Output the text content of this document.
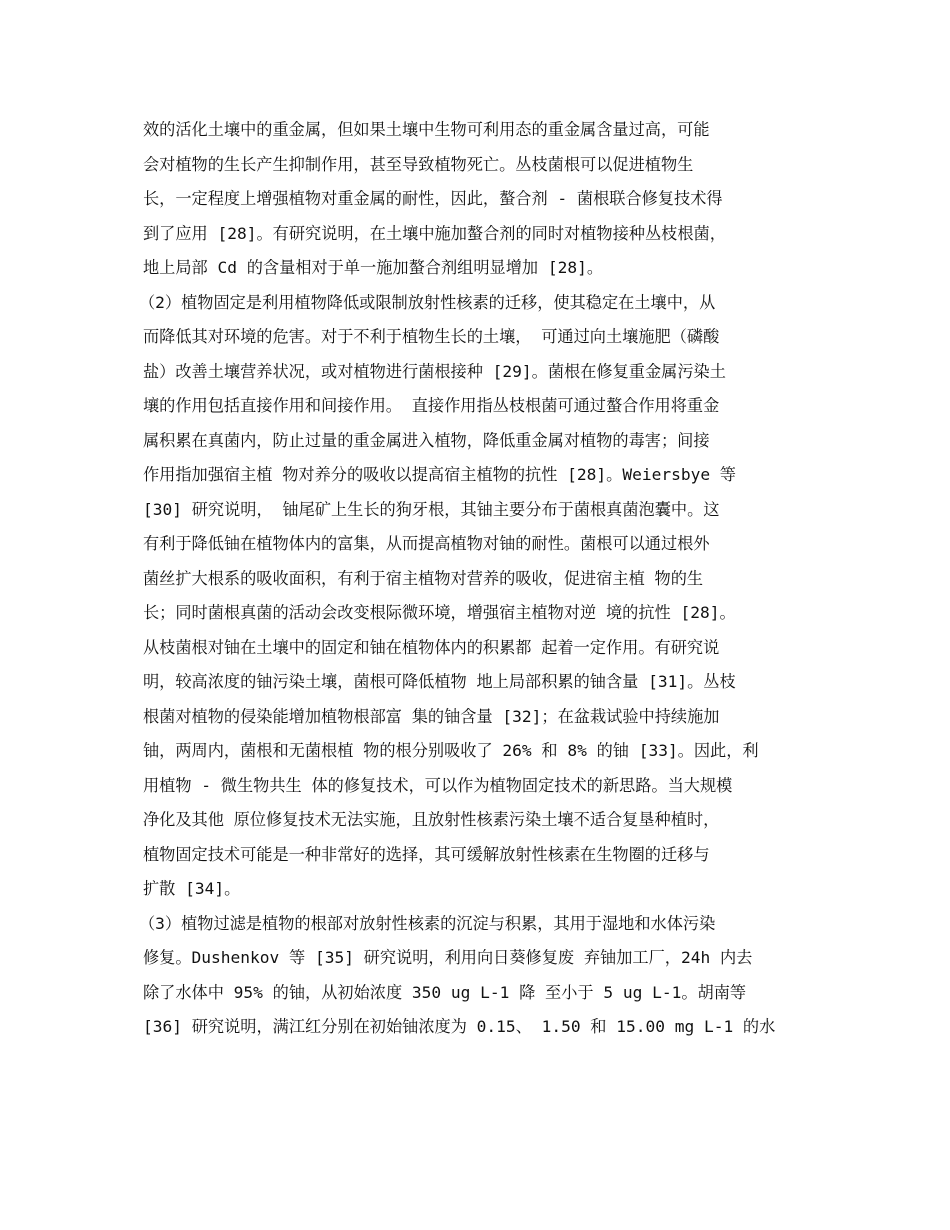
效的活化土壤中的重金属，但如果土壤中生物可利用态的重金属含量过高，可能
会对植物的生长产生抑制作用，甚至导致植物死亡。丛枝菌根可以促进植物生
长，一定程度上增强植物对重金属的耐性，因此，螯合剂 - 菌根联合修复技术得
到了应用 [28]。有研究说明，在土壤中施加螯合剂的同时对植物接种丛枝根菌，
地上局部 Cd 的含量相对于单一施加螯合剂组明显增加 [28]。
（2）植物固定是利用植物降低或限制放射性核素的迁移，使其稳定在土壤中，从
而降低其对环境的危害。对于不利于植物生长的土壤， 可通过向土壤施肥（磷酸
盐）改善土壤营养状况，或对植物进行菌根接种 [29]。菌根在修复重金属污染土
壤的作用包括直接作用和间接作用。 直接作用指丛枝根菌可通过螯合作用将重金
属积累在真菌内，防止过量的重金属进入植物，降低重金属对植物的毒害；间接
作用指加强宿主植 物对养分的吸收以提高宿主植物的抗性 [28]。Weiersbye 等
[30] 研究说明， 铀尾矿上生长的狗牙根，其铀主要分布于菌根真菌泡囊中。这
有利于降低铀在植物体内的富集，从而提高植物对铀的耐性。菌根可以通过根外
菌丝扩大根系的吸收面积，有利于宿主植物对营养的吸收，促进宿主植 物的生
长；同时菌根真菌的活动会改变根际微环境，增强宿主植物对逆 境的抗性 [28]。
从枝菌根对铀在土壤中的固定和铀在植物体内的积累都 起着一定作用。有研究说
明，较高浓度的铀污染土壤，菌根可降低植物 地上局部积累的铀含量 [31]。丛枝
根菌对植物的侵染能增加植物根部富 集的铀含量 [32]；在盆栽试验中持续施加
铀，两周内，菌根和无菌根植 物的根分别吸收了 26% 和 8% 的铀 [33]。因此，利
用植物 - 微生物共生 体的修复技术，可以作为植物固定技术的新思路。当大规模
净化及其他 原位修复技术无法实施，且放射性核素污染土壤不适合复垦种植时，
植物固定技术可能是一种非常好的选择，其可缓解放射性核素在生物圈的迁移与
扩散 [34]。
（3）植物过滤是植物的根部对放射性核素的沉淀与积累，其用于湿地和水体污染
修复。Dushenkov 等 [35] 研究说明，利用向日葵修复废 弃铀加工厂，24h 内去
除了水体中 95% 的铀，从初始浓度 350 ug L-1 降 至小于 5 ug L-1。胡南等
[36] 研究说明，满江红分别在初始铀浓度为 0.15、 1.50 和 15.00 mg L-1 的水
